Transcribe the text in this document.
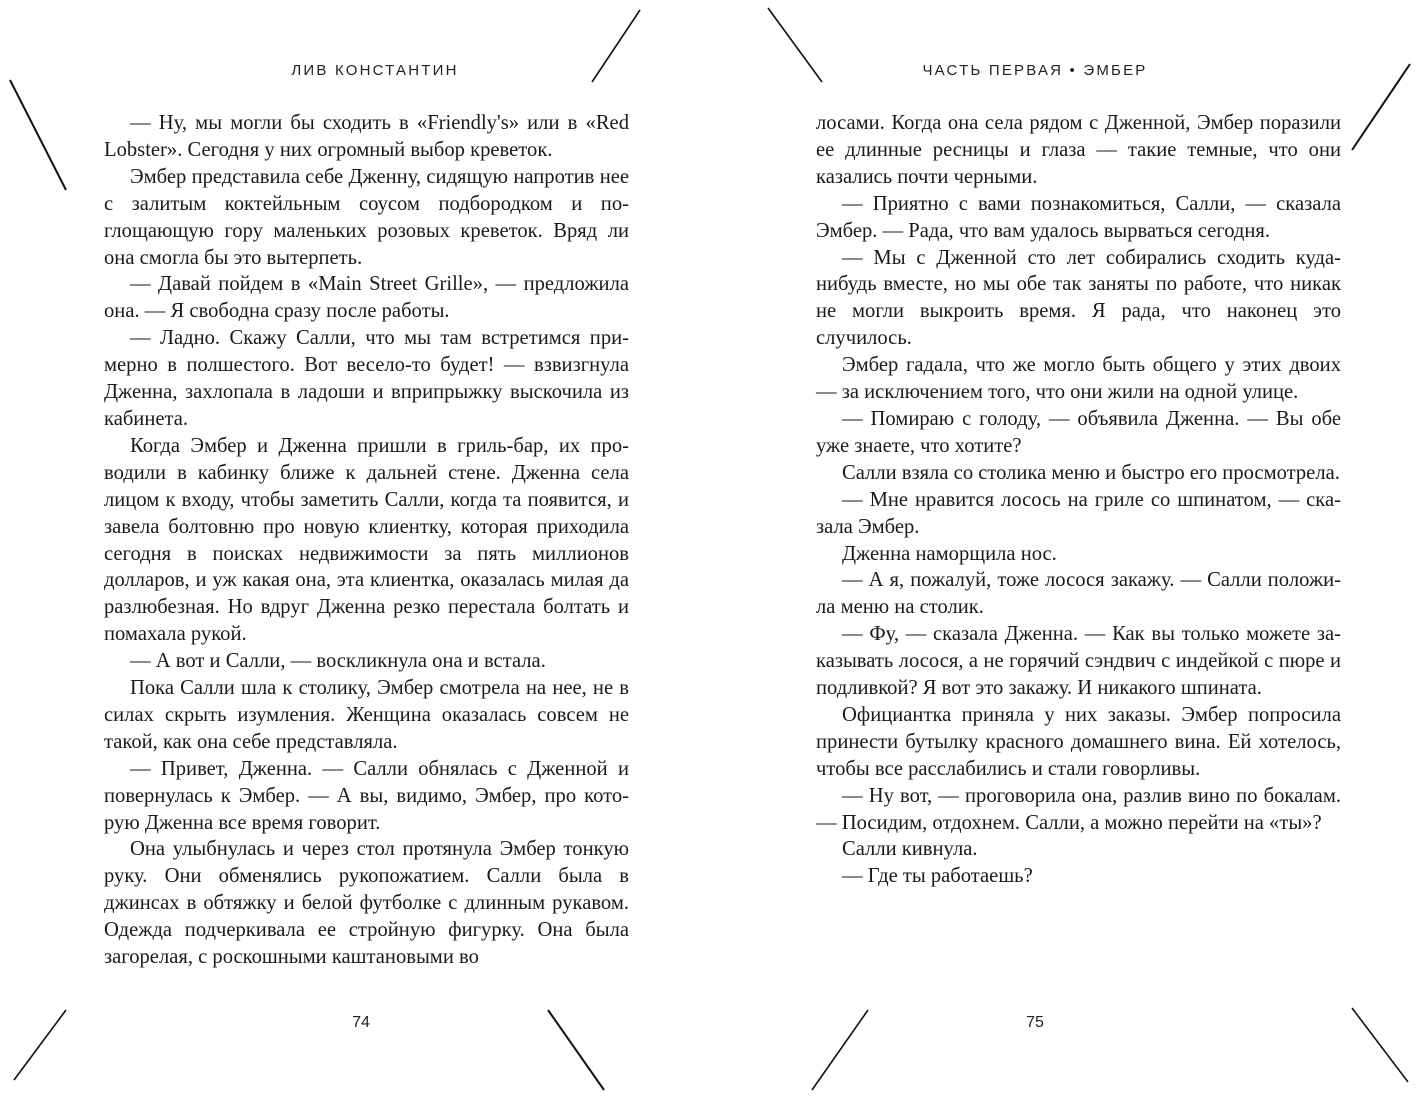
ЛИВ КОНСТАНТИН

— Ну, мы могли бы сходить в «Friendly's» или в «Red Lobster». Сегодня у них огромный выбор креветок.

Эмбер представила себе Дженну, сидящую напротив нее с залитым коктейльным соусом подбородком и поглощающую гору маленьких розовых креветок. Вряд ли она смогла бы это вытерпеть.

— Давай пойдем в «Main Street Grille», — предложила она. — Я свободна сразу после работы.

— Ладно. Скажу Салли, что мы там встретимся примерно в полшестого. Вот весело-то будет! — взвизгнула Дженна, захлопала в ладоши и вприпрыжку выскочила из кабинета.

Когда Эмбер и Дженна пришли в гриль-бар, их проводили в кабинку ближе к дальней стене. Дженна села лицом к входу, чтобы заметить Салли, когда та появится, и завела болтовню про новую клиентку, которая приходила сегодня в поисках недвижимости за пять миллионов долларов, и уж какая она, эта клиентка, оказалась милая да разлюбезная. Но вдруг Дженна резко перестала болтать и помахала рукой.

— А вот и Салли, — воскликнула она и встала.

Пока Салли шла к столику, Эмбер смотрела на нее, не в силах скрыть изумления. Женщина оказалась совсем не такой, как она себе представляла.

— Привет, Дженна. — Салли обнялась с Дженной и повернулась к Эмбер. — А вы, видимо, Эмбер, про которую Дженна все время говорит.

Она улыбнулась и через стол протянула Эмбер тонкую руку. Они обменялись рукопожатием. Салли была в джинсах в обтяжку и белой футболке с длинным рукавом. Одежда подчеркивала ее стройную фигурку. Она была загорелая, с роскошными каштановыми во

74
ЧАСТЬ ПЕРВАЯ • ЭМБЕР

лосами. Когда она села рядом с Дженной, Эмбер поразили ее длинные ресницы и глаза — такие темные, что они казались почти черными.

— Приятно с вами познакомиться, Салли, — сказала Эмбер. — Рада, что вам удалось вырваться сегодня.

— Мы с Дженной сто лет собирались сходить куданибудь вместе, но мы обе так заняты по работе, что никак не могли выкроить время. Я рада, что наконец это случилось.

Эмбер гадала, что же могло быть общего у этих двоих — за исключением того, что они жили на одной улице.

— Помираю с голоду, — объявила Дженна. — Вы обе уже знаете, что хотите?

Салли взяла со столика меню и быстро его просмотрела.

— Мне нравится лосось на гриле со шпинатом, — сказала Эмбер.

Дженна наморщила нос.

— А я, пожалуй, тоже лосося закажу. — Салли положила меню на столик.

— Фу, — сказала Дженна. — Как вы только можете заказывать лосося, а не горячий сэндвич с индейкой с пюре и подливкой? Я вот это закажу. И никакого шпината.

Официантка приняла у них заказы. Эмбер попросила принести бутылку красного домашнего вина. Ей хотелось, чтобы все расслабились и стали говорливы.

— Ну вот, — проговорила она, разлив вино по бокалам. — Посидим, отдохнем. Салли, а можно перейти на «ты»?

Салли кивнула.

— Где ты работаешь?

75
